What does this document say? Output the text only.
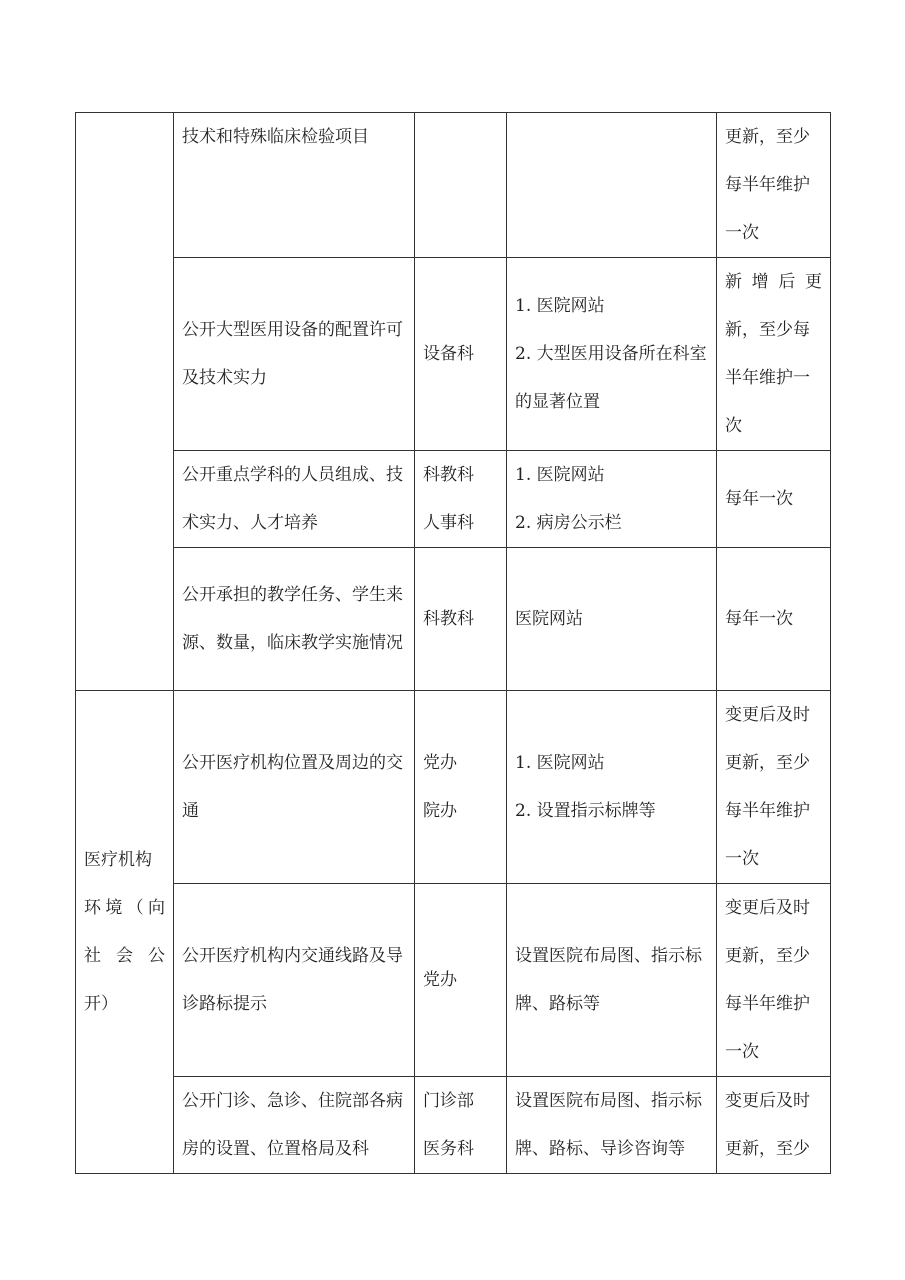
	技术和特殊临床检验项目			更新，至少
每半年维护
一次

	公开大型医用设备的配置许可及技术实力	设备科	1. 医院网站
2. 大型医用设备所在科室的显著位置	新增后更
新，至少每
半年维护一
次

	公开重点学科的人员组成、技术实力、人才培养	科教科
人事科	1. 医院网站
2. 病房公示栏	每年一次

	公开承担的教学任务、学生来源、数量，临床教学实施情况	科教科	医院网站	每年一次

医疗机构
环境（向
社会公
开）	公开医疗机构位置及周边的交通	党办
院办	1. 医院网站
2. 设置指示标牌等	变更后及时
更新，至少
每半年维护
一次

	公开医疗机构内交通线路及导诊路标提示	党办	设置医院布局图、指示标牌、路标等	变更后及时
更新，至少
每半年维护
一次

	公开门诊、急诊、住院部各病房的设置、位置格局及科	门诊部
医务科	设置医院布局图、指示标牌、路标、导诊咨询等	变更后及时
更新，至少
